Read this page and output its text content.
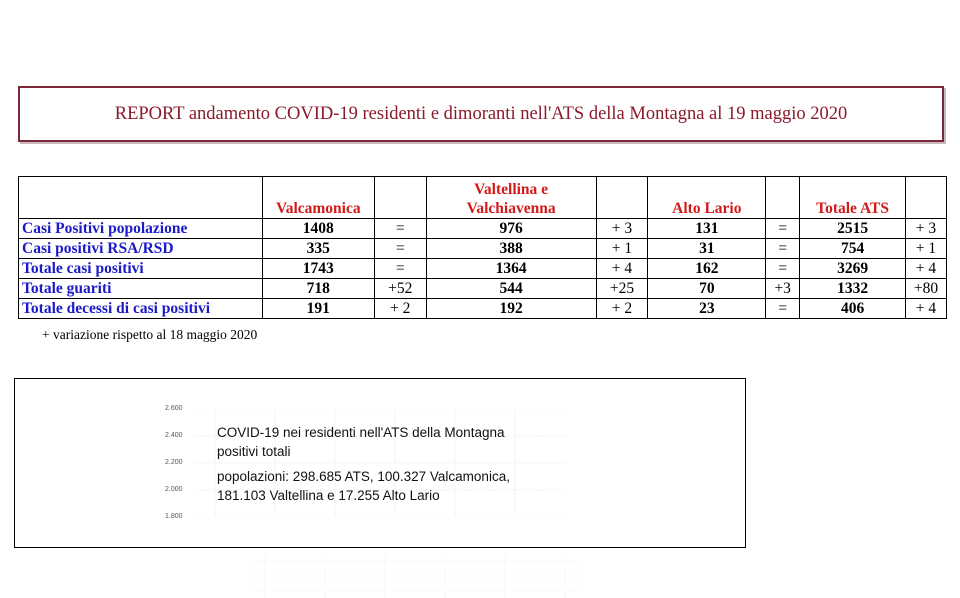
REPORT andamento COVID-19 residenti e dimoranti nell'ATS della Montagna al 19 maggio 2020
	Valcamonica		Valtellina e Valchiavenna		Alto Lario		Totale ATS	
Casi Positivi popolazione	1408	=	976	+ 3	131	=	2515	+ 3
Casi positivi RSA/RSD	335	=	388	+ 1	31	=	754	+ 1
Totale casi positivi	1743	=	1364	+ 4	162	=	3269	+ 4
Totale guariti	718	+52	544	+25	70	+3	1332	+80
Totale decessi di casi positivi	191	+ 2	192	+ 2	23	=	406	+ 4
+ variazione rispetto al 18 maggio 2020
2.600
2.400
2.200
2.000
1.800
COVID-19 nei residenti nell'ATS della Montagna
positivi totali
popolazioni: 298.685 ATS, 100.327 Valcamonica,
181.103 Valtellina e 17.255 Alto Lario
